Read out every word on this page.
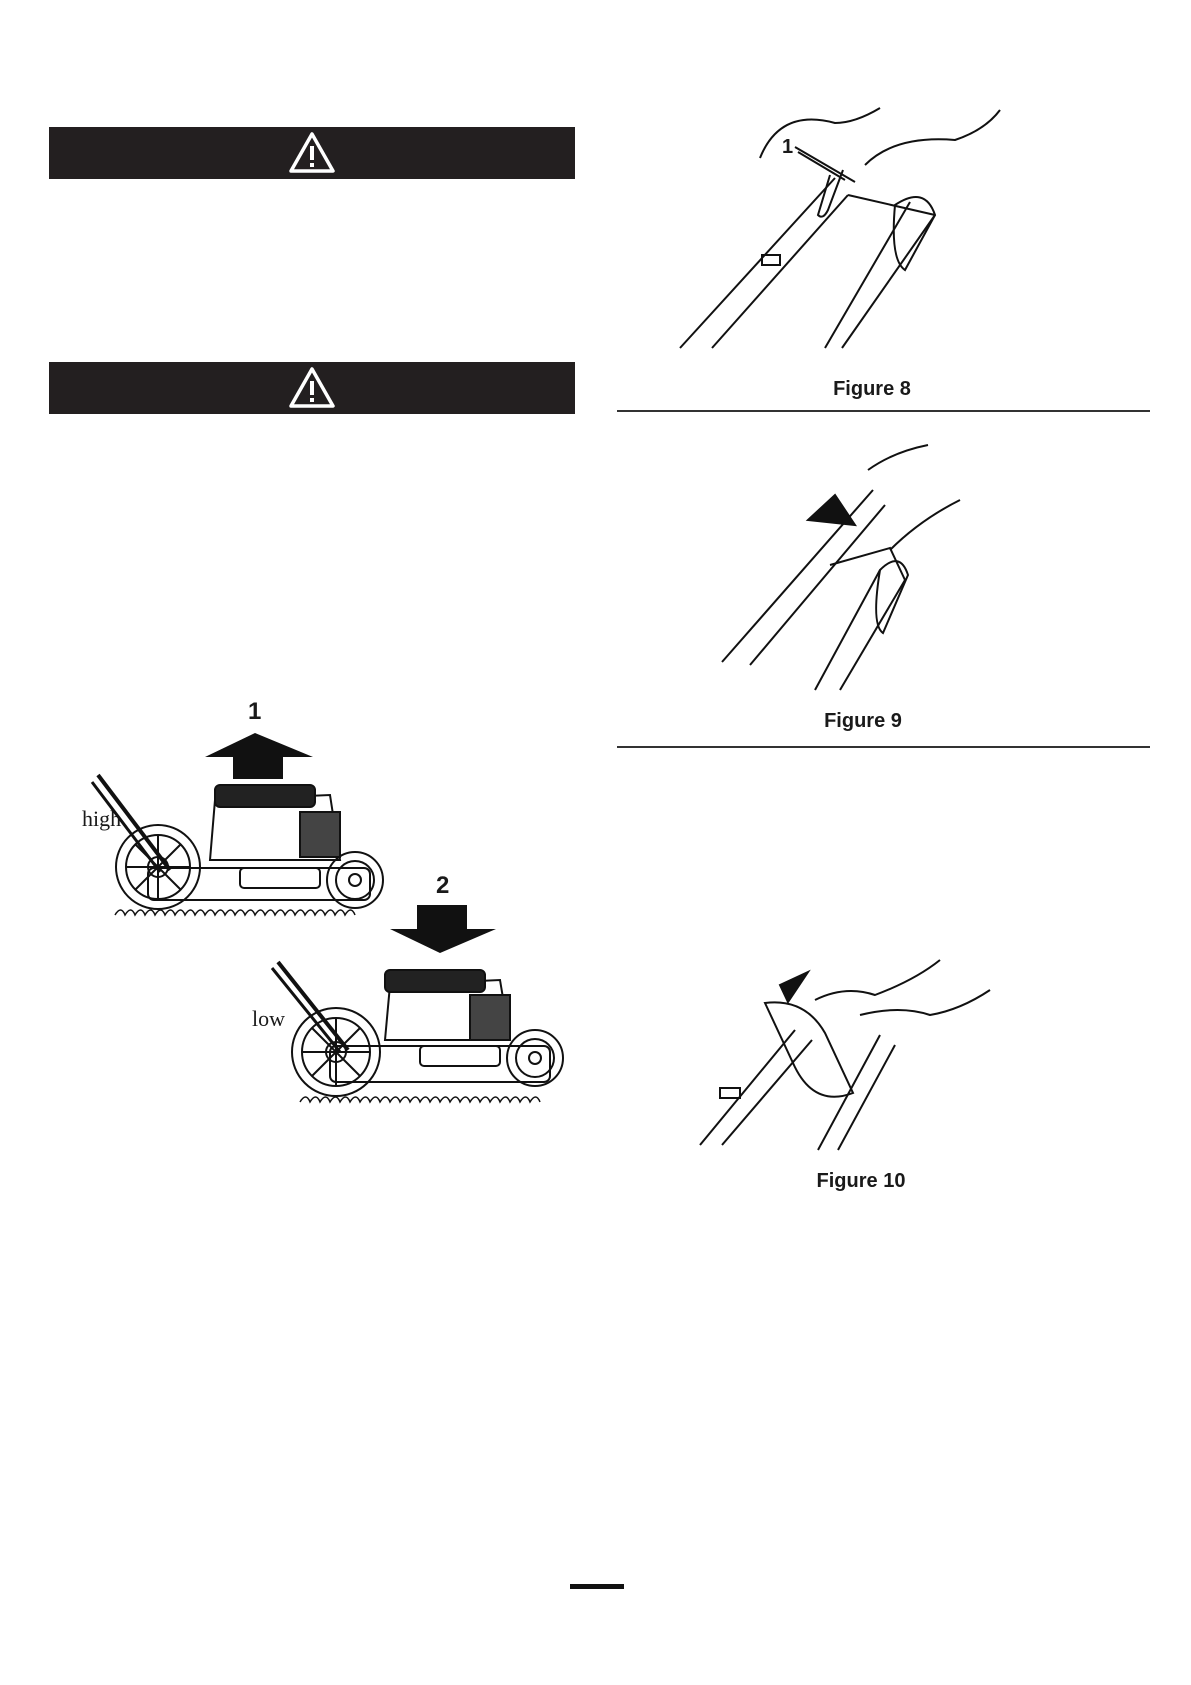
1
2
high
low
1
Figure 8
Figure 9
Figure 10
